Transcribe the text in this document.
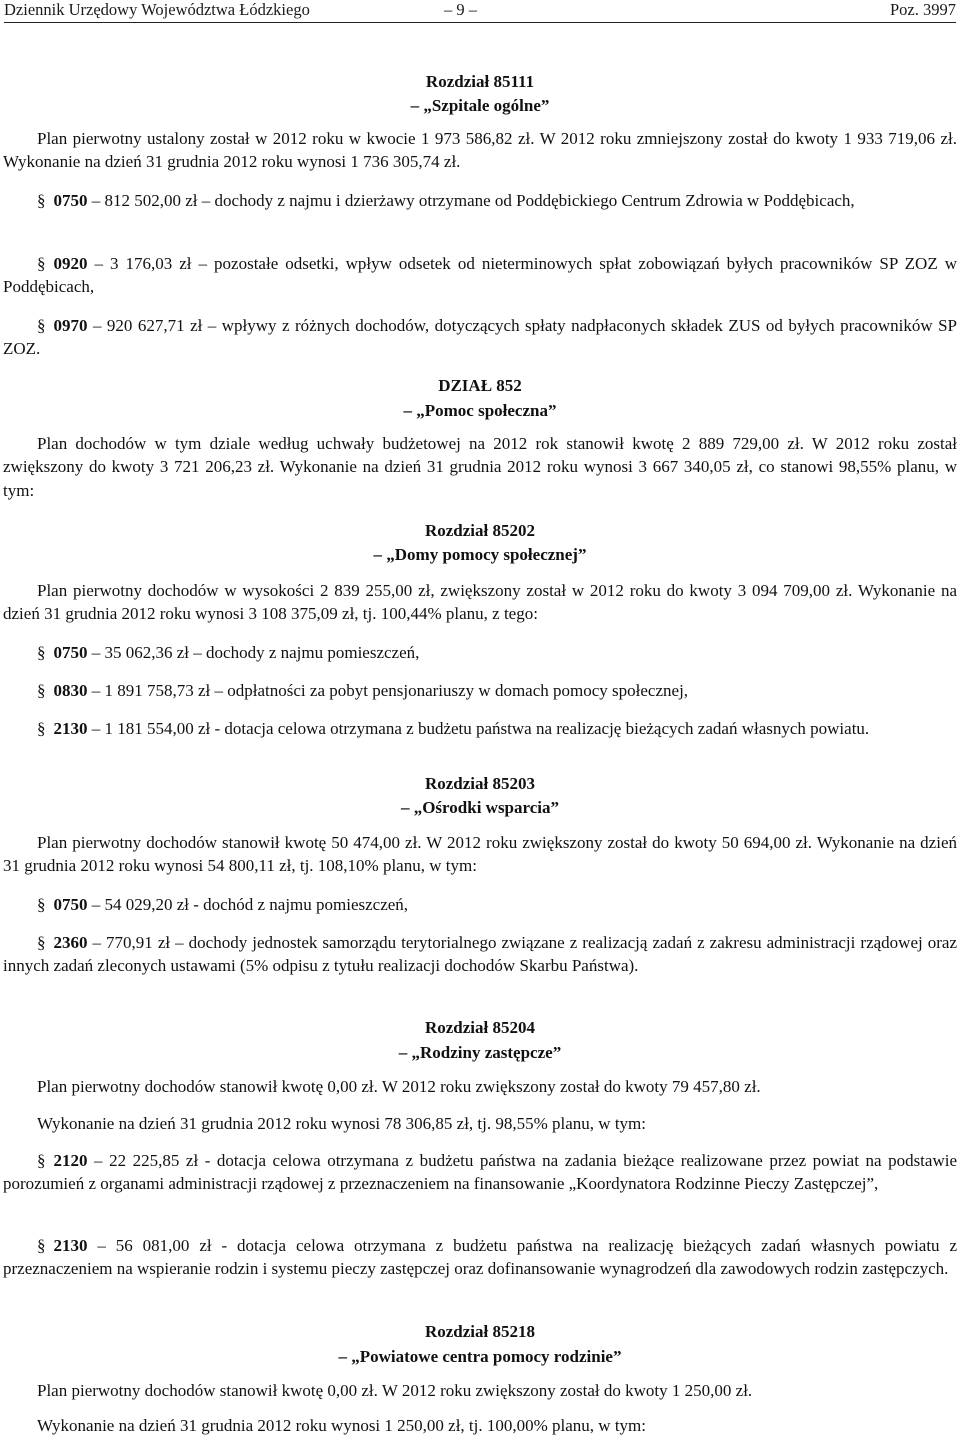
Dziennik Urzędowy Województwa Łódzkiego	– 9 –	Poz. 3997
Rozdział 85111
– „Szpitale ogólne”
Plan pierwotny ustalony został w 2012 roku w kwocie 1 973 586,82 zł. W 2012 roku zmniejszony został do kwoty 1 933 719,06 zł. Wykonanie na dzień 31 grudnia 2012 roku wynosi 1 736 305,74 zł.
§ 0750 – 812 502,00 zł – dochody z najmu i dzierżawy otrzymane od Poddębickiego Centrum Zdrowia w Poddębicach,
§ 0920 – 3 176,03 zł – pozostałe odsetki, wpływ odsetek od nieterminowych spłat zobowiązań byłych pracowników SP ZOZ w Poddębicach,
§ 0970 – 920 627,71 zł – wpływy z różnych dochodów, dotyczących spłaty nadpłaconych składek ZUS od byłych pracowników SP ZOZ.
DZIAŁ 852
– „Pomoc społeczna”
Plan dochodów w tym dziale według uchwały budżetowej na 2012 rok stanowił kwotę 2 889 729,00 zł. W 2012 roku został zwiększony do kwoty 3 721 206,23 zł. Wykonanie na dzień 31 grudnia 2012 roku wynosi 3 667 340,05 zł, co stanowi 98,55% planu, w tym:
Rozdział 85202
– „Domy pomocy społecznej”
Plan pierwotny dochodów w wysokości 2 839 255,00 zł, zwiększony został w 2012 roku do kwoty 3 094 709,00 zł. Wykonanie na dzień 31 grudnia 2012 roku wynosi 3 108 375,09 zł, tj. 100,44% planu, z tego:
§ 0750 – 35 062,36 zł – dochody z najmu pomieszczeń,
§ 0830 – 1 891 758,73 zł – odpłatności za pobyt pensjonariuszy w domach pomocy społecznej,
§ 2130 – 1 181 554,00 zł - dotacja celowa otrzymana z budżetu państwa na realizację bieżących zadań własnych powiatu.
Rozdział 85203
– „Ośrodki wsparcia”
Plan pierwotny dochodów stanowił kwotę 50 474,00 zł. W 2012 roku zwiększony został do kwoty 50 694,00 zł. Wykonanie na dzień 31 grudnia 2012 roku wynosi 54 800,11 zł, tj. 108,10% planu, w tym:
§ 0750 – 54 029,20 zł - dochód z najmu pomieszczeń,
§ 2360 – 770,91 zł – dochody jednostek samorządu terytorialnego związane z realizacją zadań z zakresu administracji rządowej oraz innych zadań zleconych ustawami (5% odpisu z tytułu realizacji dochodów Skarbu Państwa).
Rozdział 85204
– „Rodziny zastępcze”
Plan pierwotny dochodów stanowił kwotę 0,00 zł. W 2012 roku zwiększony został do kwoty 79 457,80 zł.
Wykonanie na dzień 31 grudnia 2012 roku wynosi 78 306,85 zł, tj. 98,55% planu, w tym:
§ 2120 – 22 225,85 zł - dotacja celowa otrzymana z budżetu państwa na zadania bieżące realizowane przez powiat na podstawie porozumień z organami administracji rządowej z przeznaczeniem na finansowanie „Koordynatora Rodzinne Pieczy Zastępczej”,
§ 2130 – 56 081,00 zł - dotacja celowa otrzymana z budżetu państwa na realizację bieżących zadań własnych powiatu z przeznaczeniem na wspieranie rodzin i systemu pieczy zastępczej oraz dofinansowanie wynagrodzeń dla zawodowych rodzin zastępczych.
Rozdział 85218
– „Powiatowe centra pomocy rodzinie”
Plan pierwotny dochodów stanowił kwotę 0,00 zł. W 2012 roku zwiększony został do kwoty 1 250,00 zł.
Wykonanie na dzień 31 grudnia 2012 roku wynosi 1 250,00 zł, tj. 100,00% planu, w tym:
